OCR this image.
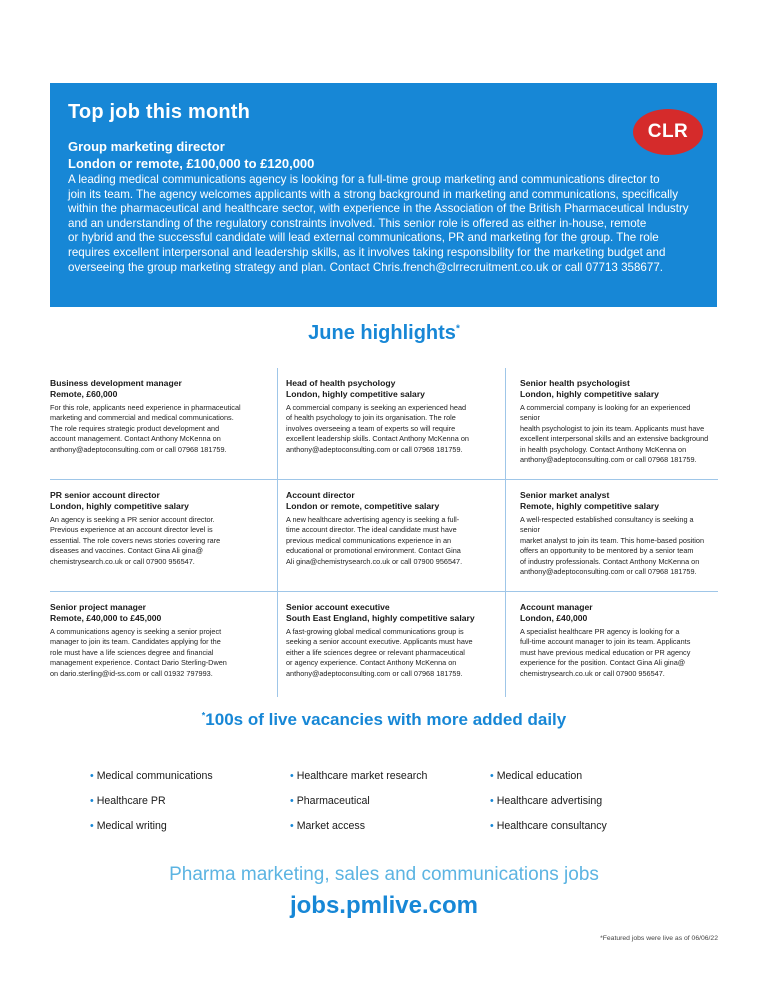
Top job this month
Group marketing director
London or remote, £100,000 to £120,000
A leading medical communications agency is looking for a full-time group marketing and communications director to
join its team. The agency welcomes applicants with a strong background in marketing and communications, specifically
within the pharmaceutical and healthcare sector, with experience in the Association of the British Pharmaceutical Industry
and an understanding of the regulatory constraints involved. This senior role is offered as either in-house, remote
or hybrid and the successful candidate will lead external communications, PR and marketing for the group. The role
requires excellent interpersonal and leadership skills, as it involves taking responsibility for the marketing budget and
overseeing the group marketing strategy and plan. Contact Chris.french@clrrecruitment.co.uk or call 07713 358677.
CLR
June highlights*
Business development manager
Remote, £60,000
For this role, applicants need experience in pharmaceutical
marketing and commercial and medical communications.
The role requires strategic product development and
account management. Contact Anthony McKenna on
anthony@adeptoconsulting.com or call 07968 181759.
Head of health psychology
London, highly competitive salary
A commercial company is seeking an experienced head
of health psychology to join its organisation. The role
involves overseeing a team of experts so will require
excellent leadership skills. Contact Anthony McKenna on
anthony@adeptoconsulting.com or call 07968 181759.
Senior health psychologist
London, highly competitive salary
A commercial company is looking for an experienced senior
health psychologist to join its team. Applicants must have
excellent interpersonal skills and an extensive background
in health psychology. Contact Anthony McKenna on
anthony@adeptoconsulting.com or call 07968 181759.
PR senior account director
London, highly competitive salary
An agency is seeking a PR senior account director.
Previous experience at an account director level is
essential. The role covers news stories covering rare
diseases and vaccines. Contact Gina Ali gina@
chemistrysearch.co.uk or call 07900 956547.
Account director
London or remote, competitive salary
A new healthcare advertising agency is seeking a full-
time account director. The ideal candidate must have
previous medical communications experience in an
educational or promotional environment. Contact Gina
Ali gina@chemistrysearch.co.uk or call 07900 956547.
Senior market analyst
Remote, highly competitive salary
A well-respected established consultancy is seeking a senior
market analyst to join its team. This home-based position
offers an opportunity to be mentored by a senior team
of industry professionals. Contact Anthony McKenna on
anthony@adeptoconsulting.com or call 07968 181759.
Senior project manager
Remote, £40,000 to £45,000
A communications agency is seeking a senior project
manager to join its team. Candidates applying for the
role must have a life sciences degree and financial
management experience. Contact Dario Sterling-Dwen
on dario.sterling@id-ss.com or call 01932 797993.
Senior account executive
South East England, highly competitive salary
A fast-growing global medical communications group is
seeking a senior account executive. Applicants must have
either a life sciences degree or relevant pharmaceutical
or agency experience. Contact Anthony McKenna on
anthony@adeptoconsulting.com or call 07968 181759.
Account manager
London, £40,000
A specialist healthcare PR agency is looking for a
full-time account manager to join its team. Applicants
must have previous medical education or PR agency
experience for the position. Contact Gina Ali gina@
chemistrysearch.co.uk or call 07900 956547.
*100s of live vacancies with more added daily
• Medical communications
• Healthcare PR
• Medical writing
• Healthcare market research
• Pharmaceutical
• Market access
• Medical education
• Healthcare advertising
• Healthcare consultancy
Pharma marketing, sales and communications jobs
jobs.pmlive.com
*Featured jobs were live as of 06/06/22
